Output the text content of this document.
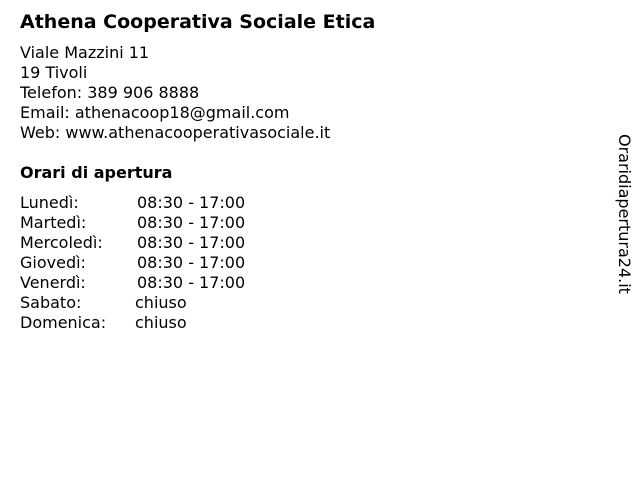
Athena Cooperativa Sociale Etica
Viale Mazzini 11
19 Tivoli
Telefon: 389 906 8888
Email: athenacoop18@gmail.com
Web: www.athenacooperativasociale.it
Orari di apertura
Lunedì:	08:30 - 17:00
Martedì:	08:30 - 17:00
Mercoledì:	08:30 - 17:00
Giovedì:	08:30 - 17:00
Venerdì:	08:30 - 17:00
Sabato:	chiuso
Domenica:	chiuso
Oraridiapertura24.it
